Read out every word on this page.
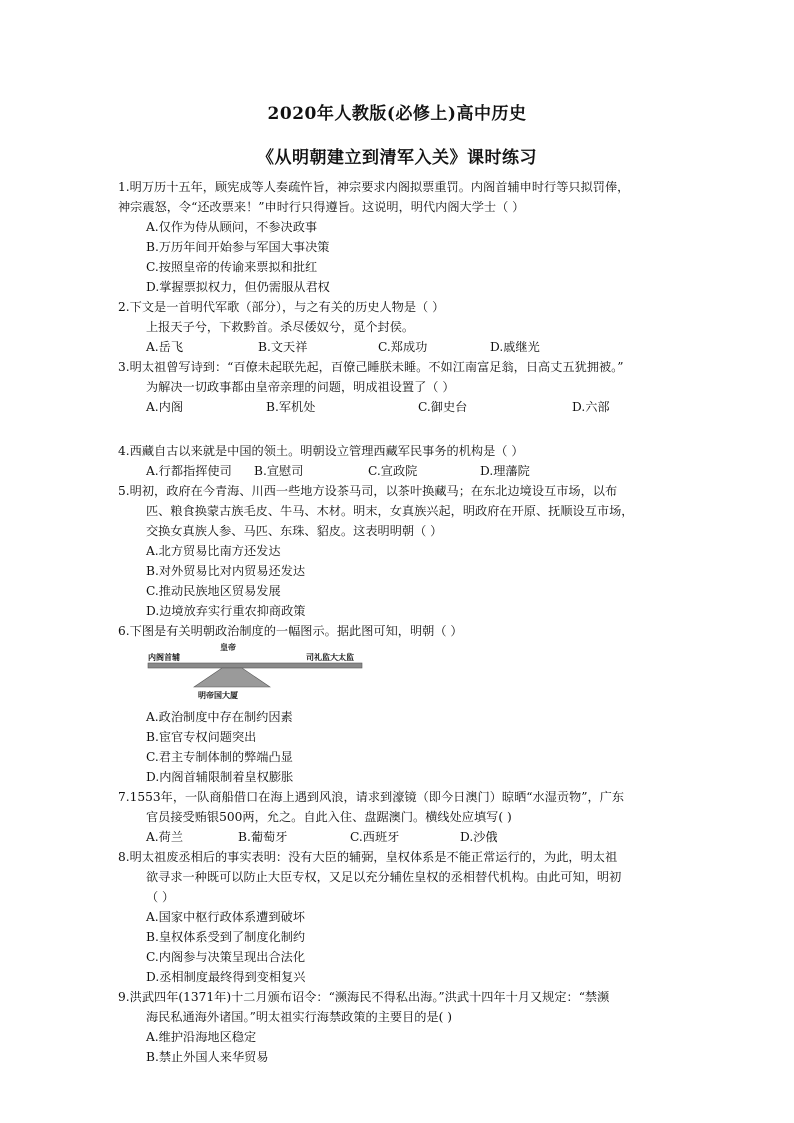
2020年人教版(必修上)高中历史
《从明朝建立到清军入关》课时练习
1.明万历十五年，顾宪成等人奏疏忤旨，神宗要求内阁拟票重罚。内阁首辅申时行等只拟罚俸，
神宗震怒，令“还改票来！”申时行只得遵旨。这说明，明代内阁大学士（ ）
A.仅作为侍从顾问，不参决政事
B.万历年间开始参与军国大事决策
C.按照皇帝的传谕来票拟和批红
D.掌握票拟权力，但仍需服从君权
2.下文是一首明代军歌（部分），与之有关的历史人物是（ ）
上报天子兮，下救黔首。杀尽倭奴兮，觅个封侯。
A.岳飞	B.文天祥	C.郑成功	D.戚继光
3.明太祖曾写诗到：“百僚未起联先起，百僚己睡朕未睡。不如江南富足翁，日高丈五犹拥被。”
为解决一切政事都由皇帝亲理的问题，明成祖设置了（ ）
A.内阁	B.军机处	C.御史台	D.六部
4.西藏自古以来就是中国的领土。明朝设立管理西藏军民事务的机构是（ ）
A.行都指挥使司	B.宣慰司	C.宣政院	D.理藩院
5.明初，政府在今青海、川西一些地方设茶马司，以茶叶换藏马；在东北边境设互市场，以布
匹、粮食换蒙古族毛皮、牛马、木材。明末，女真族兴起，明政府在开原、抚顺设互市场，
交换女真族人参、马匹、东珠、貂皮。这表明明朝（ ）
A.北方贸易比南方还发达
B.对外贸易比对内贸易还发达
C.推动民族地区贸易发展
D.边境放弃实行重农抑商政策
6.下图是有关明朝政治制度的一幅图示。据此图可知，明朝（ ）
皇帝
内阁首辅	司礼监大太监
明帝国大厦
A.政治制度中存在制约因素
B.宦官专权问题突出
C.君主专制体制的弊端凸显
D.内阁首辅限制着皇权膨胀
7.1553年，一队商船借口在海上遇到风浪，请求到濠镜（即今日澳门）晾晒“水湿贡物”，广东
官员接受贿银500两，允之。自此入住、盘踞澳门。横线处应填写( )
A.荷兰	B.葡萄牙	C.西班牙	D.沙俄
8.明太祖废丞相后的事实表明：没有大臣的辅弼，皇权体系是不能正常运行的，为此，明太祖
欲寻求一种既可以防止大臣专权，又足以充分辅佐皇权的丞相替代机构。由此可知，明初
（ ）
A.国家中枢行政体系遭到破坏
B.皇权体系受到了制度化制约
C.内阁参与决策呈现出合法化
D.丞相制度最终得到变相复兴
9.洪武四年(1371年)十二月颁布诏令：“濒海民不得私出海。”洪武十四年十月又规定：“禁濒
海民私通海外诸国。”明太祖实行海禁政策的主要目的是( )
A.维护沿海地区稳定
B.禁止外国人来华贸易
